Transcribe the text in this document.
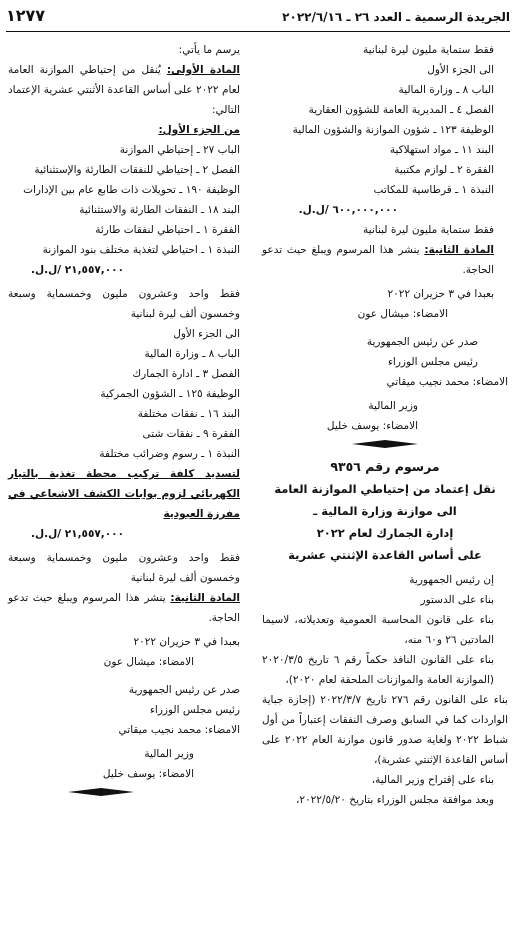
الجريدة الرسمية ـ العدد ٢٦ ـ ٢٠٢٢/٦/١٦
١٢٧٧

فقط ستماية مليون ليرة لبنانية

الى الجزء الأول

الباب ٨ ـ وزارة المالية

الفصل ٤ ـ المديرية العامة للشؤون العقارية

الوظيفة ١٢٣ ـ شؤون الموازنة والشؤون المالية

البند ١١ ـ مواد استهلاكية

الفقرة ٢ ـ لوازم مكتبية

النبذة ١ ـ قرطاسية للمكاتب

٦٠٠,٠٠٠,٠٠٠ /ل.ل.

فقط ستماية مليون ليرة لبنانية

المادة الثانية: ينشر هذا المرسوم ويبلغ حيث تدعو الحاجة.

بعبدا في ٣ حزيران ٢٠٢٢

الامضاء: ميشال عون

صدر عن رئيس الجمهورية

رئيس مجلس الوزراء

الامضاء: محمد نجيب ميقاتي

وزير المالية

الامضاء: يوسف خليل

مرسوم رقم ٩٣٥٦

نقل إعتماد من إحتياطي الموازنة العامة

الى موازنة وزارة المالية ـ

إدارة الجمارك لعام ٢٠٢٢

على أساس القاعدة الإثنتي عشرية

إن رئيس الجمهورية

بناء على الدستور

بناء على قانون المحاسبة العمومية وتعديلاته، لاسيما المادتين ٢٦ و٦٠ منه،

بناء على القانون النافذ حكماً رقم ٦ تاريخ ٢٠٢٠/٣/٥ (الموازنة العامة والموازنات الملحقة لعام ٢٠٢٠)،

بناء على القانون رقم ٢٧٦ تاريخ ٢٠٢٢/٣/٧ (إجازة جباية الواردات كما في السابق وصرف النفقات إعتباراً من أول شباط ٢٠٢٢ ولغاية صدور قانون موازنة العام ٢٠٢٢ على أساس القاعدة الإثنتي عشرية)،

بناء على إقتراح وزير المالية،

وبعد موافقة مجلس الوزراء بتاريخ ٢٠٢٢/٥/٢٠،

يرسم ما يأتي:

المادة الأولى: يُنقل من إحتياطي الموازنة العامة لعام ٢٠٢٢ على أساس القاعدة الأثنتي عشرية الإعتماد التالي:

من الجزء الأول:

الباب ٢٧ ـ إحتياطي الموازنة

الفصل ٢ ـ إحتياطي للنفقات الطارئة والإستثنائية

الوظيفة ١٩٠ ـ تحويلات ذات طابع عام بين الإدارات

البند ١٨ ـ النفقات الطارئة والاستثنائية

الفقرة ١ ـ احتياطي لنفقات طارئة

النبذة ١ ـ احتياطي لتغذية مختلف بنود الموازنة

٢١,٥٥٧,٠٠٠ /ل.ل.

فقط واحد وعشرون مليون وخمسماية وسبعة وخمسون ألف ليرة لبنانية

الى الجزء الأول

الباب ٨ ـ وزارة المالية

الفصل ٣ ـ ادارة الجمارك

الوظيفة ١٢٥ ـ الشؤون الجمركية

البند ١٦ ـ نفقات مختلفة

الفقرة ٩ ـ نفقات شتى

النبذة ١ ـ رسوم وضرائب مختلفة

لتسديد كلفة تركيب محطة تغذية بالتيار الكهربائي لزوم بوابات الكشف الاشعاعي في مفرزة العبودية

٢١,٥٥٧,٠٠٠ /ل.ل.

فقط واحد وعشرون مليون وخمسماية وسبعة وخمسون ألف ليرة لبنانية

المادة الثانية: ينشر هذا المرسوم ويبلغ حيث تدعو الحاجة.

بعبدا في ٣ حزيران ٢٠٢٢

الامضاء: ميشال عون

صدر عن رئيس الجمهورية

رئيس مجلس الوزراء

الامضاء: محمد نجيب ميقاتي

وزير المالية

الامضاء: يوسف خليل
